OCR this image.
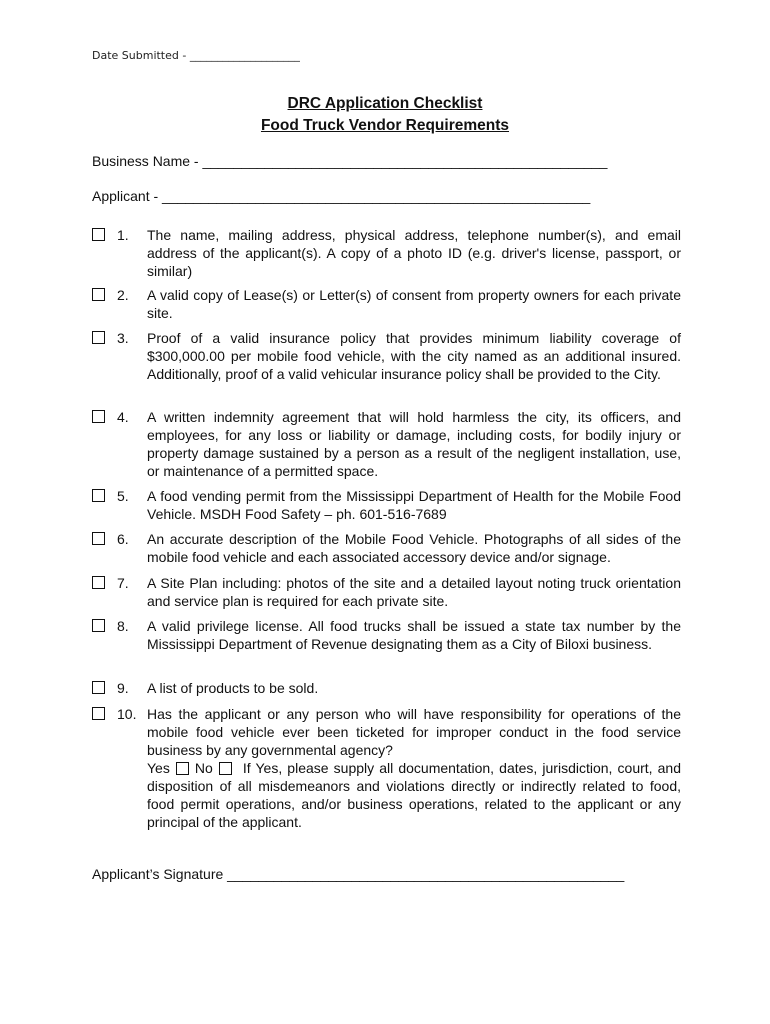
Date Submitted - ____________________
DRC Application Checklist
Food Truck Vendor Requirements
Business Name - ____________________________________________________
Applicant - _______________________________________________________
1. The name, mailing address, physical address, telephone number(s), and email address of the applicant(s). A copy of a photo ID (e.g. driver's license, passport, or similar)
2. A valid copy of Lease(s) or Letter(s) of consent from property owners for each private site.
3. Proof of a valid insurance policy that provides minimum liability coverage of $300,000.00 per mobile food vehicle, with the city named as an additional insured. Additionally, proof of a valid vehicular insurance policy shall be provided to the City.
4. A written indemnity agreement that will hold harmless the city, its officers, and employees, for any loss or liability or damage, including costs, for bodily injury or property damage sustained by a person as a result of the negligent installation, use, or maintenance of a permitted space.
5. A food vending permit from the Mississippi Department of Health for the Mobile Food Vehicle. MSDH Food Safety – ph. 601-516-7689
6. An accurate description of the Mobile Food Vehicle. Photographs of all sides of the mobile food vehicle and each associated accessory device and/or signage.
7. A Site Plan including: photos of the site and a detailed layout noting truck orientation and service plan is required for each private site.
8. A valid privilege license. All food trucks shall be issued a state tax number by the Mississippi Department of Revenue designating them as a City of Biloxi business.
9. A list of products to be sold.
10. Has the applicant or any person who will have responsibility for operations of the mobile food vehicle ever been ticketed for improper conduct in the food service business by any governmental agency?
Yes No If Yes, please supply all documentation, dates, jurisdiction, court, and disposition of all misdemeanors and violations directly or indirectly related to food, food permit operations, and/or business operations, related to the applicant or any principal of the applicant.
Applicant’s Signature ___________________________________________________
